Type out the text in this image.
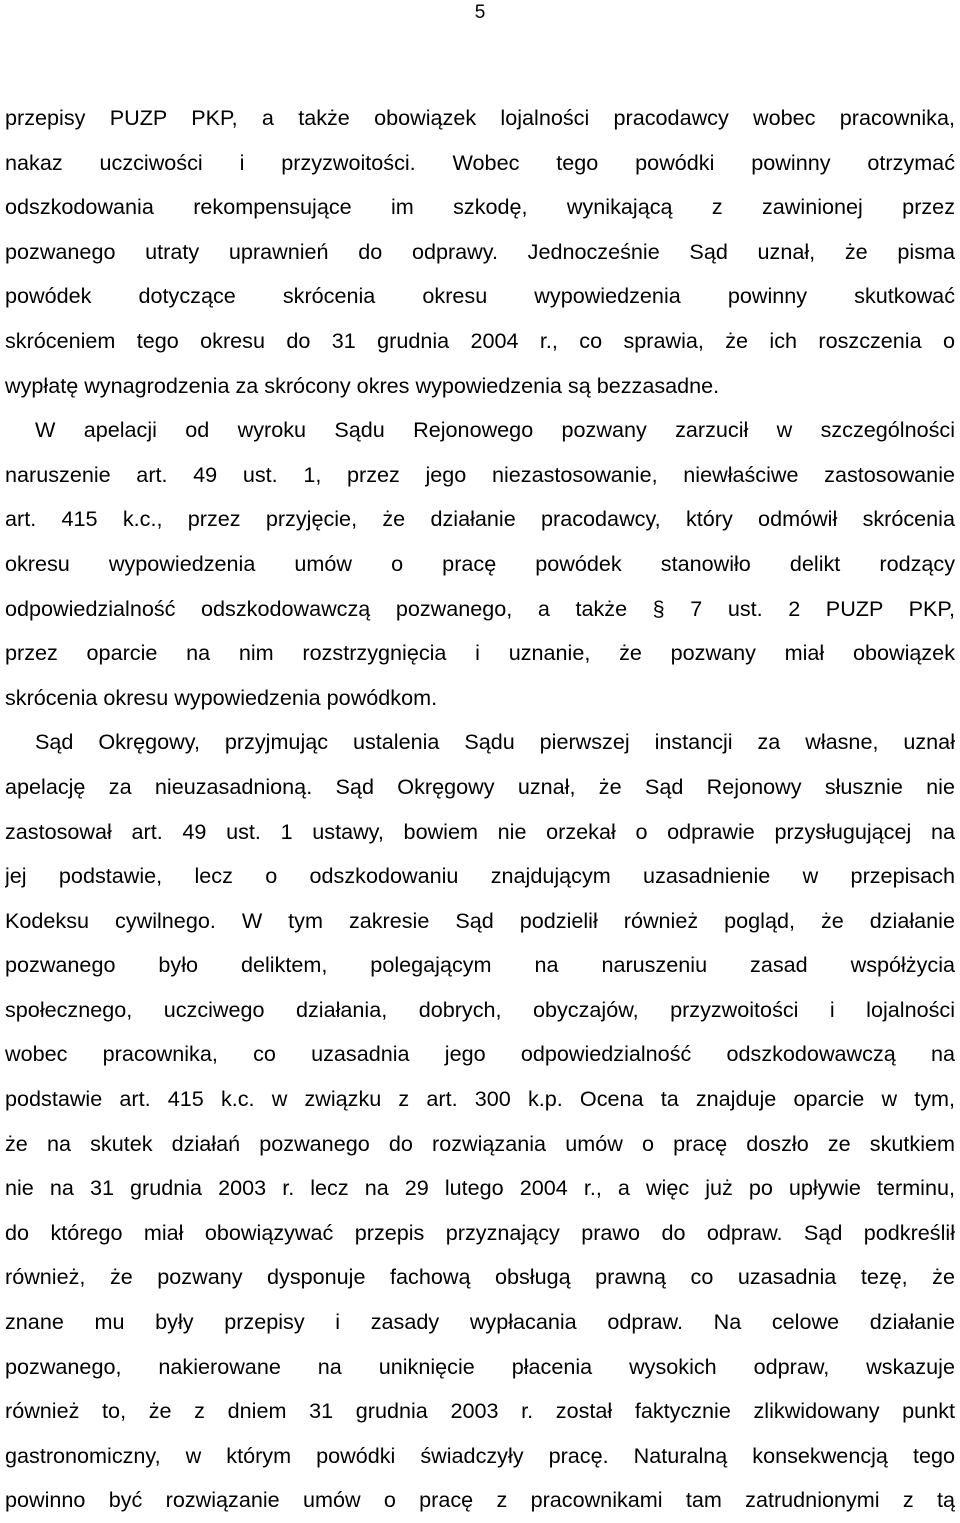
5
przepisy PUZP PKP, a także obowiązek lojalności pracodawcy wobec pracownika,
nakaz uczciwości i przyzwoitości. Wobec tego powódki powinny otrzymać
odszkodowania rekompensujące im szkodę, wynikającą z zawinionej przez
pozwanego utraty uprawnień do odprawy. Jednocześnie Sąd uznał, że pisma
powódek dotyczące skrócenia okresu wypowiedzenia powinny skutkować
skróceniem tego okresu do 31 grudnia 2004 r., co sprawia, że ich roszczenia o
wypłatę wynagrodzenia za skrócony okres wypowiedzenia są bezzasadne.
W apelacji od wyroku Sądu Rejonowego pozwany zarzucił w szczególności
naruszenie art. 49 ust. 1, przez jego niezastosowanie, niewłaściwe zastosowanie
art. 415 k.c., przez przyjęcie, że działanie pracodawcy, który odmówił skrócenia
okresu wypowiedzenia umów o pracę powódek stanowiło delikt rodzący
odpowiedzialność odszkodowawczą pozwanego, a także § 7 ust. 2 PUZP PKP,
przez oparcie na nim rozstrzygnięcia i uznanie, że pozwany miał obowiązek
skrócenia okresu wypowiedzenia powódkom.
Sąd Okręgowy, przyjmując ustalenia Sądu pierwszej instancji za własne, uznał
apelację za nieuzasadnioną. Sąd Okręgowy uznał, że Sąd Rejonowy słusznie nie
zastosował art. 49 ust. 1 ustawy, bowiem nie orzekał o odprawie przysługującej na
jej podstawie, lecz o odszkodowaniu znajdującym uzasadnienie w przepisach
Kodeksu cywilnego. W tym zakresie Sąd podzielił również pogląd, że działanie
pozwanego było deliktem, polegającym na naruszeniu zasad współżycia
społecznego, uczciwego działania, dobrych, obyczajów, przyzwoitości i lojalności
wobec pracownika, co uzasadnia jego odpowiedzialność odszkodowawczą na
podstawie art. 415 k.c. w związku z art. 300 k.p. Ocena ta znajduje oparcie w tym,
że na skutek działań pozwanego do rozwiązania umów o pracę doszło ze skutkiem
nie na 31 grudnia 2003 r. lecz na 29 lutego 2004 r., a więc już po upływie terminu,
do którego miał obowiązywać przepis przyznający prawo do odpraw. Sąd podkreślił
również, że pozwany dysponuje fachową obsługą prawną co uzasadnia tezę, że
znane mu były przepisy i zasady wypłacania odpraw. Na celowe działanie
pozwanego, nakierowane na uniknięcie płacenia wysokich odpraw, wskazuje
również to, że z dniem 31 grudnia 2003 r. został faktycznie zlikwidowany punkt
gastronomiczny, w którym powódki świadczyły pracę. Naturalną konsekwencją tego
powinno być rozwiązanie umów o pracę z pracownikami tam zatrudnionymi z tą
